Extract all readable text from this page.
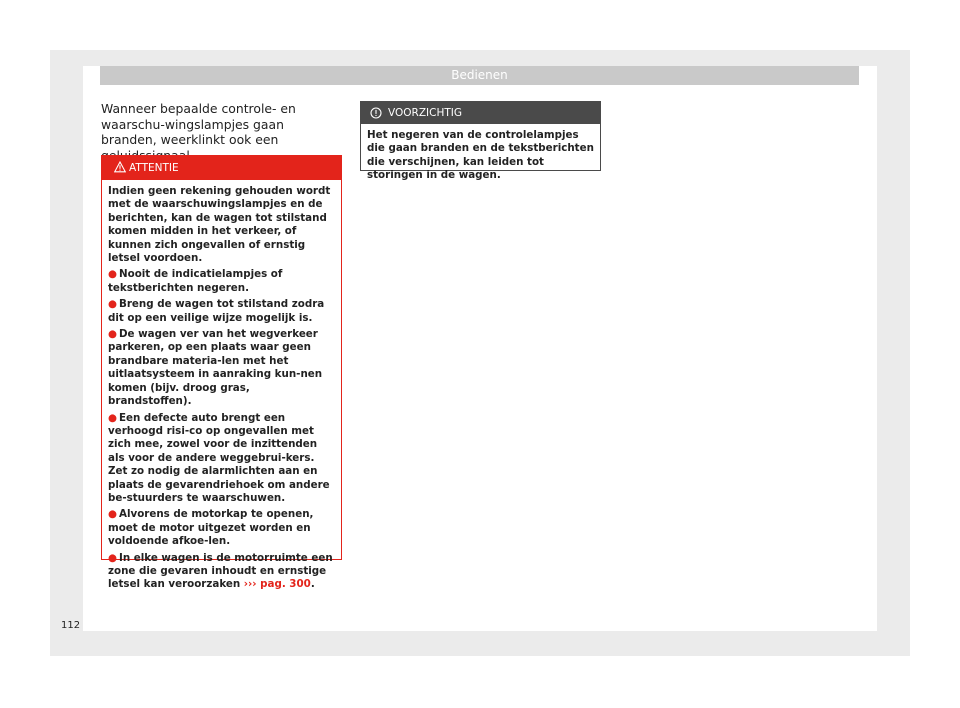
Bedienen
Wanneer bepaalde controle- en waarschu-wingslampjes gaan branden, weerklinkt ook een
ATTENTIE

Indien geen rekening gehouden wordt met de waarschuwingslampjes en de berichten, kan de wagen tot stilstand komen midden in het verkeer, of kunnen zich ongevallen of ernstig letsel voordoen.

● Nooit de indicatielampjes of tekstberichten negeren.
● Breng de wagen tot stilstand zodra dit op een veilige wijze mogelijk is.
● De wagen ver van het wegverkeer parkeren, op een plaats waar geen brandbare materia-len met het uitlaatsysteem in aanraking kun-nen komen (bijv. droog gras, brandstoffen).
● Een defecte auto brengt een verhoogd risi-co op ongevallen met zich mee, zowel voor de inzittenden als voor de andere weggebrui-kers. Zet zo nodig de alarmlichten aan en plaats de gevarendriehoek om andere be-stuurders te waarschuwen.
● Alvorens de motorkap te openen, moet de motor uitgezet worden en voldoende afkoe-len.
● In elke wagen is de motorruimte een zone die gevaren inhoudt en ernstige letsel kan veroorzaken ››› pag. 300.
VOORZICHTIG

Het negeren van de controlelampjes die gaan branden en de tekstberichten die verschijnen, kan leiden tot storingen in de wagen.

112
